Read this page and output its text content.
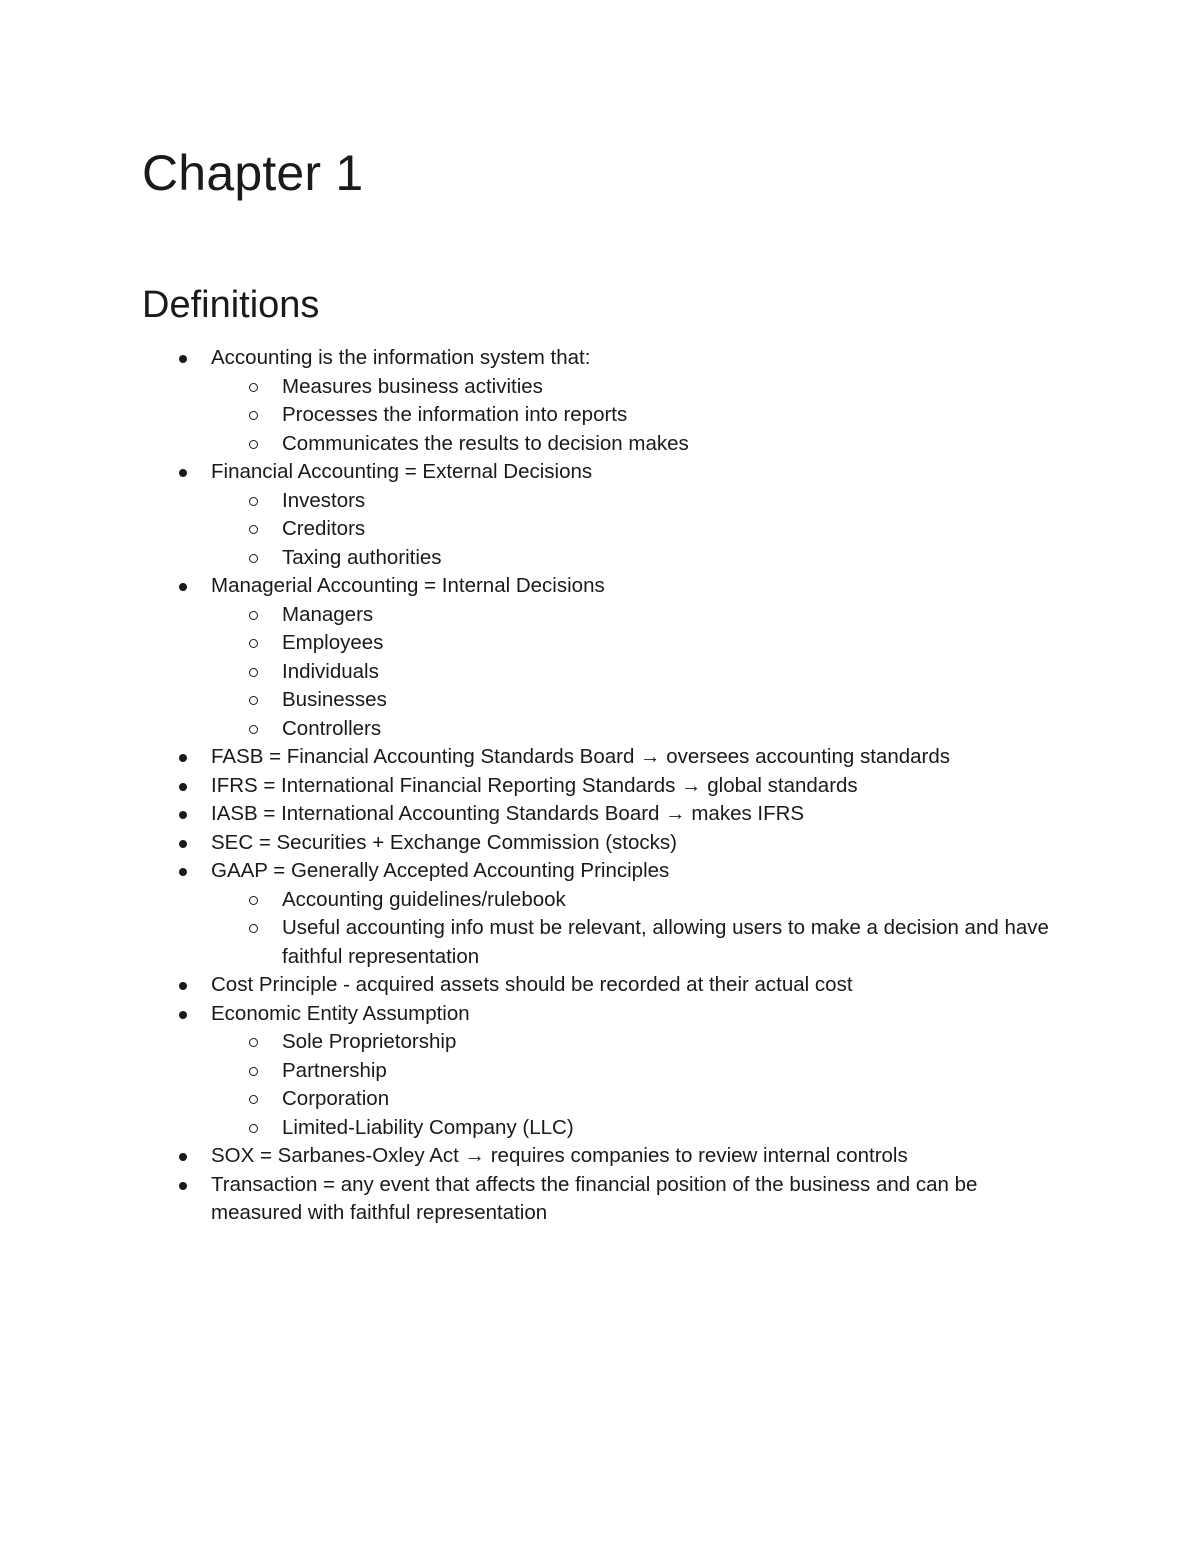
Chapter 1
Definitions
Accounting is the information system that:
Measures business activities
Processes the information into reports
Communicates the results to decision makes
Financial Accounting = External Decisions
Investors
Creditors
Taxing authorities
Managerial Accounting = Internal Decisions
Managers
Employees
Individuals
Businesses
Controllers
FASB = Financial Accounting Standards Board → oversees accounting standards
IFRS = International Financial Reporting Standards → global standards
IASB = International Accounting Standards Board → makes IFRS
SEC = Securities + Exchange Commission (stocks)
GAAP = Generally Accepted Accounting Principles
Accounting guidelines/rulebook
Useful accounting info must be relevant, allowing users to make a decision and have faithful representation
Cost Principle - acquired assets should be recorded at their actual cost
Economic Entity Assumption
Sole Proprietorship
Partnership
Corporation
Limited-Liability Company (LLC)
SOX = Sarbanes-Oxley Act → requires companies to review internal controls
Transaction = any event that affects the financial position of the business and can be measured with faithful representation
